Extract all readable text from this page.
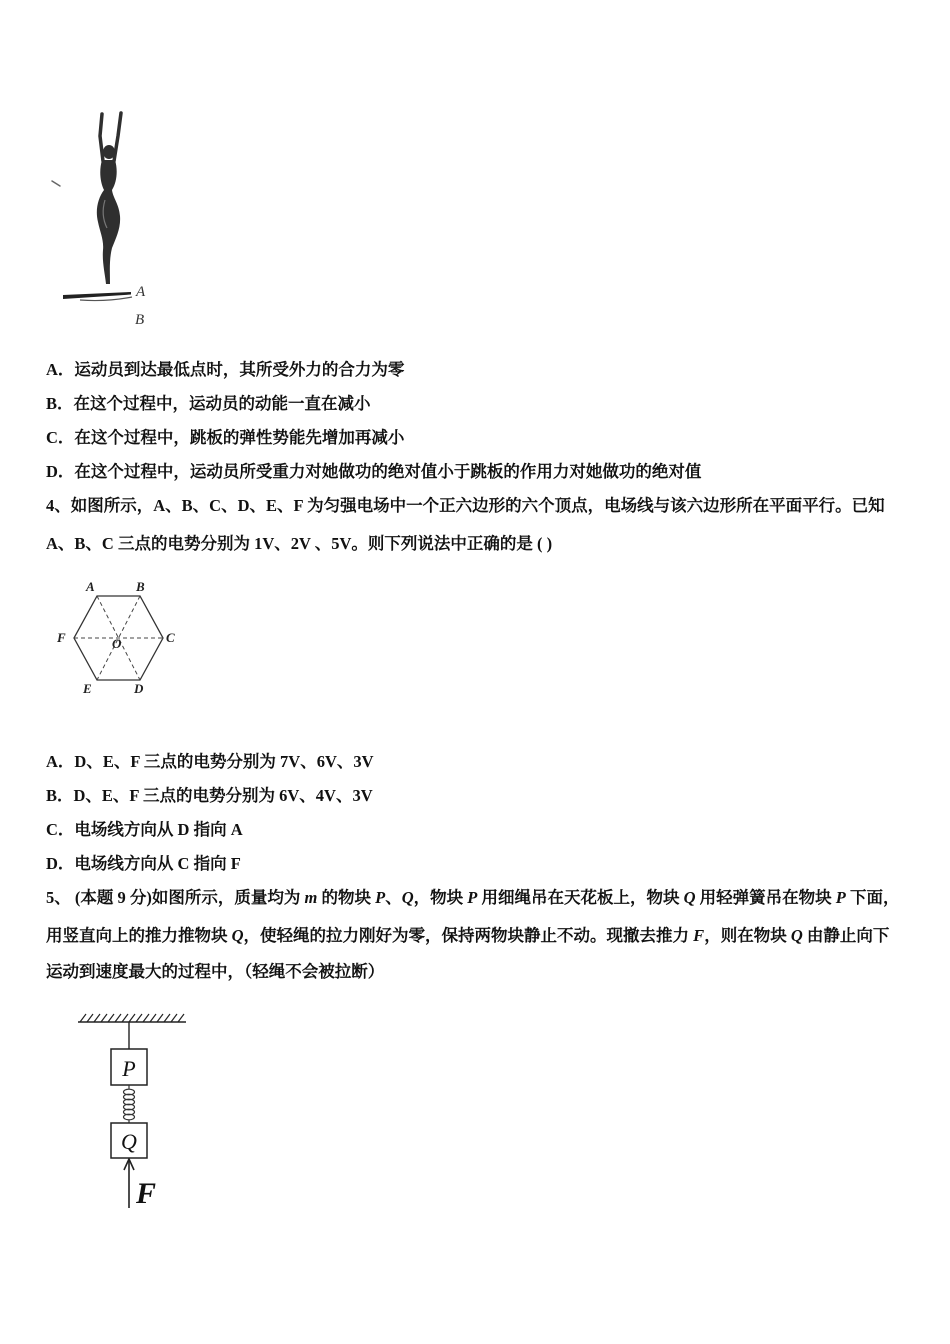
A
B
A．运动员到达最低点时，其所受外力的合力为零
B．在这个过程中，运动员的动能一直在减小
C．在这个过程中，跳板的弹性势能先增加再减小
D．在这个过程中，运动员所受重力对她做功的绝对值小于跳板的作用力对她做功的绝对值
4、如图所示，A、B、C、D、E、F 为匀强电场中一个正六边形的六个顶点，电场线与该六边形所在平面平行。已知
A、B、C 三点的电势分别为 1V、2V 、5V。则下列说法中正确的是 ( )
A	B
C
D
E
F	O
A．D、E、F 三点的电势分别为 7V、6V、3V
B．D、E、F 三点的电势分别为 6V、4V、3V
C．电场线方向从 D 指向 A
D．电场线方向从 C 指向 F
5、 (本题 9 分)如图所示，质量均为 m 的物块 P、Q，物块 P 用细绳吊在天花板上，物块 Q 用轻弹簧吊在物块 P 下面，
用竖直向上的推力推物块 Q，使轻绳的拉力刚好为零，保持两物块静止不动。现撤去推力 F，则在物块 Q 由静止向下
运动到速度最大的过程中，（轻绳不会被拉断）
P
Q
F
